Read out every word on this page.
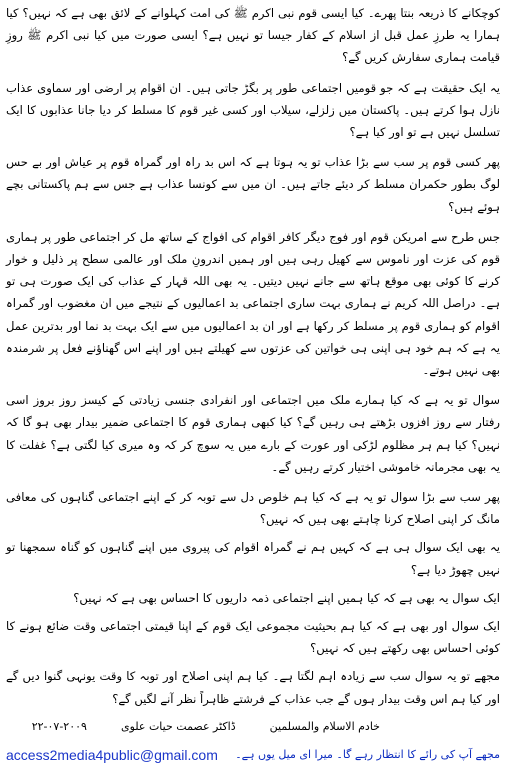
کوچکانے کا ذریعہ بنتا پھرے۔ کیا ایسی قوم نبی اکرم ﷺ کی امت کہلوانے کے لائق بھی ہے کہ نہیں؟ کیا ہمارا یہ طرزِ عمل قبل از اسلام کے کفار جیسا تو نہیں ہے؟ ایسی صورت میں کیا نبی اکرم ﷺ روزِ قیامت ہماری سفارش کریں گے؟

یہ ایک حقیقت ہے کہ جو قومیں اجتماعی طور پر بگڑ جاتی ہیں۔ ان اقوام پر ارضی اور سماوی عذاب نازل ہوا کرتے ہیں۔ پاکستان میں زلزلے، سیلاب اور کسی غیر قوم کا مسلط کر دیا جانا عذابوں کا ایک تسلسل نہیں ہے تو اور کیا ہے؟

پھر کسی قوم پر سب سے بڑا عذاب تو یہ ہوتا ہے کہ اس بد راہ اور گمراہ قوم پر عیاش اور بے حس لوگ بطور حکمران مسلط کر دیئے جاتے ہیں۔ ان میں سے کونسا عذاب ہے جس سے ہم پاکستانی بچے ہوئے ہیں؟

جس طرح سے امریکن قوم اور فوج دیگر کافر اقوام کی افواج کے ساتھ مل کر اجتماعی طور پر ہماری قوم کی عزت اور ناموس سے کھیل رہی ہیں اور ہمیں اندرونِ ملک اور عالمی سطح پر ذلیل و خوار کرنے کا کوئی بھی موقع ہاتھ سے جانے نہیں دیتیں۔ یہ بھی اللہ قہار کے عذاب کی ایک صورت ہی تو ہے۔ دراصل اللہ کریم نے ہماری بہت ساری اجتماعی بد اعمالیوں کے نتیجے میں ان مغضوب اور گمراہ اقوام کو ہماری قوم پر مسلط کر رکھا ہے اور ان بد اعمالیوں میں سے ایک بہت بد نما اور بدترین عمل یہ ہے کہ ہم خود ہی اپنی ہی خواتین کی عزتوں سے کھیلتے ہیں اور اپنے اس گھناؤنے فعل پر شرمندہ بھی نہیں ہوتے۔

سوال تو یہ ہے کہ کیا ہمارے ملک میں اجتماعی اور انفرادی جنسی زیادتی کے کیسز روز بروز اسی رفتار سے روز افزوں بڑھتے ہی رہیں گے؟ کیا کبھی ہماری قوم کا اجتماعی ضمیر بیدار بھی ہو گا کہ نہیں؟ کیا ہم ہر مظلوم لڑکی اور عورت کے بارے میں یہ سوچ کر کہ وہ میری کیا لگتی ہے؟ غفلت کا یہ بھی مجرمانہ خاموشی اختیار کرتے رہیں گے۔

پھر سب سے بڑا سوال تو یہ ہے کہ کیا ہم خلوص دل سے توبہ کر کے اپنے اجتماعی گناہوں کی معافی مانگ کر اپنی اصلاح کرنا چاہتے بھی ہیں کہ نہیں؟

یہ بھی ایک سوال ہی ہے کہ کہیں ہم نے گمراہ اقوام کی پیروی میں اپنے گناہوں کو گناہ سمجھنا تو نہیں چھوڑ دیا ہے؟

ایک سوال یہ بھی ہے کہ کیا ہمیں اپنے اجتماعی ذمہ داریوں کا احساس بھی ہے کہ نہیں؟

ایک سوال اور بھی ہے کہ کیا ہم بحیثیت مجموعی ایک قوم کے اپنا قیمتی اجتماعی وقت ضائع ہونے کا کوئی احساس بھی رکھتے ہیں کہ نہیں؟

مجھے تو یہ سوال سب سے زیادہ اہم لگتا ہے۔ کیا ہم اپنی اصلاح اور توبہ کا وقت یونہی گنوا دیں گے اور کیا ہم اس وقت بیدار ہوں گے جب عذاب کے فرشتے ظاہراً نظر آنے لگیں گے؟

خادم الاسلام والمسلمین
ڈاکٹر عصمت حیات علوی
۲۲-۰۷-۲۰۰۹
access2media4public@gmail.com مجھے آپ کی رائے کا انتظار رہے گا۔ میرا ای میل یوں ہے۔
